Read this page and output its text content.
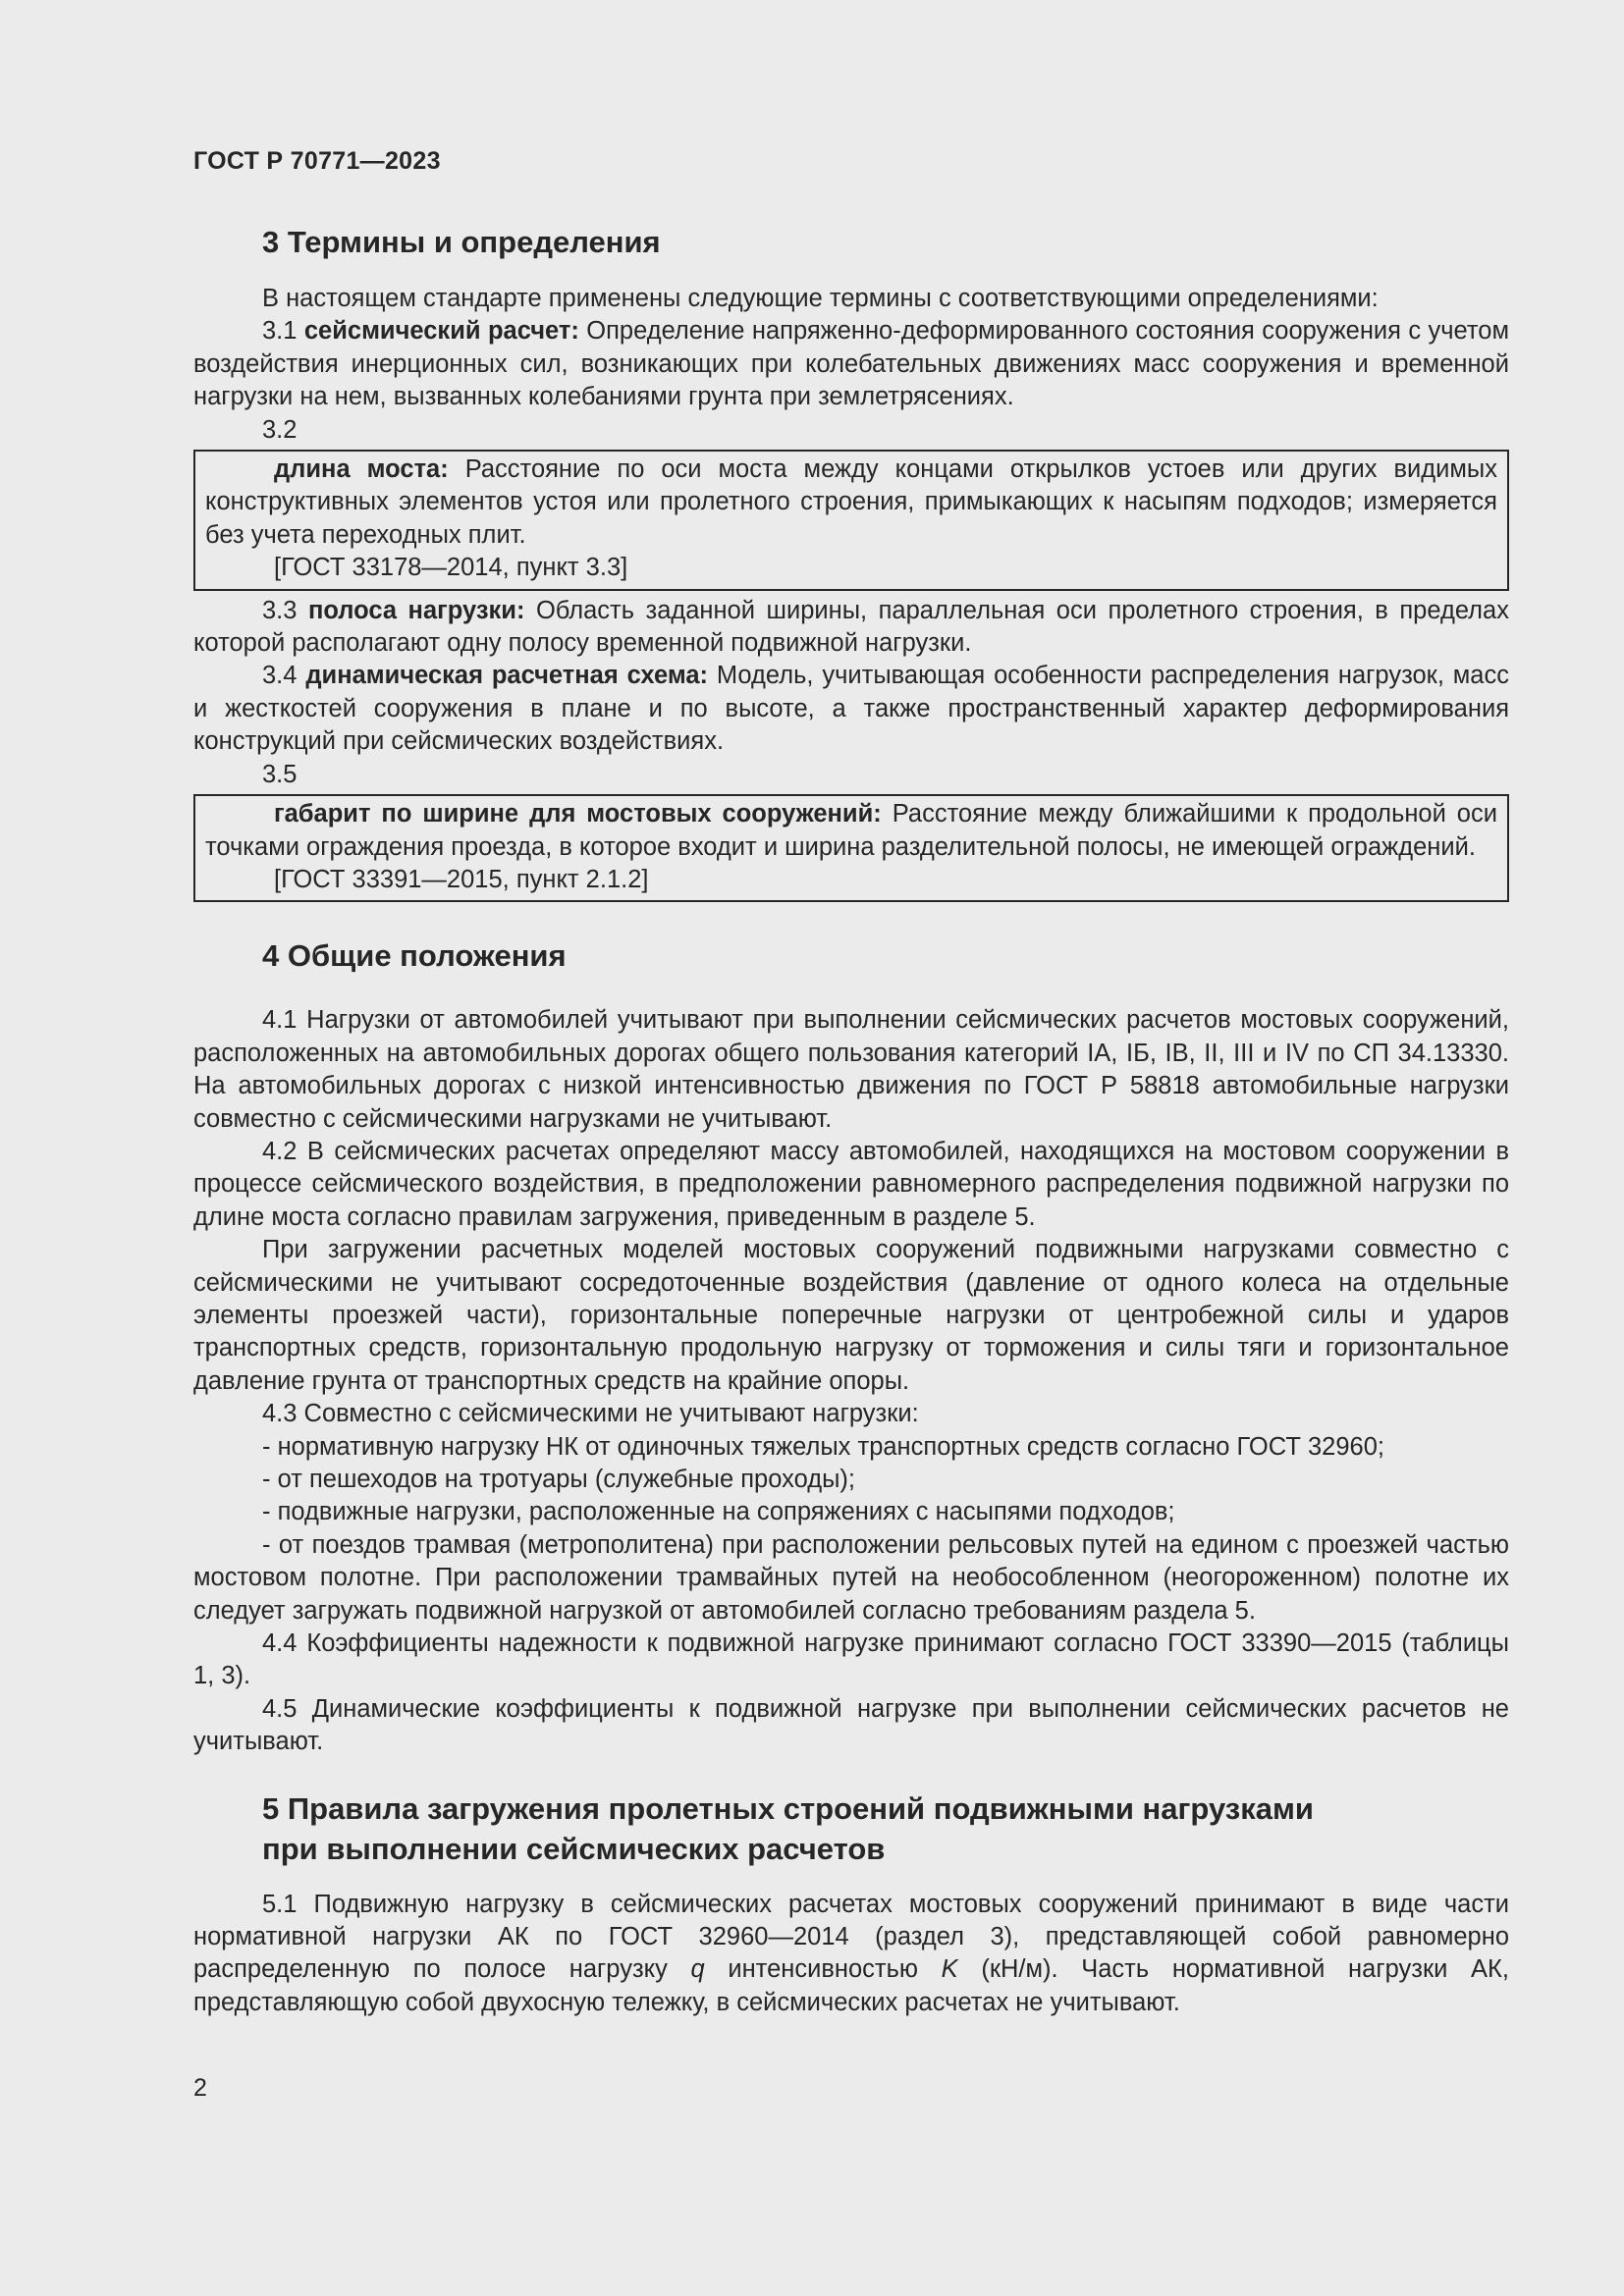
ГОСТ Р 70771—2023
3 Термины и определения

В настоящем стандарте применены следующие термины с соответствующими определениями:

3.1 сейсмический расчет: Определение напряженно-деформированного состояния сооружения с учетом воздействия инерционных сил, возникающих при колебательных движениях масс сооружения и временной нагрузки на нем, вызванных колебаниями грунта при землетрясениях.

3.2

длина моста: Расстояние по оси моста между концами открылков устоев или других видимых конструктивных элементов устоя или пролетного строения, примыкающих к насыпям подходов; измеряется без учета переходных плит.

[ГОСТ 33178—2014, пункт 3.3]

3.3 полоса нагрузки: Область заданной ширины, параллельная оси пролетного строения, в пределах которой располагают одну полосу временной подвижной нагрузки.

3.4 динамическая расчетная схема: Модель, учитывающая особенности распределения нагрузок, масс и жесткостей сооружения в плане и по высоте, а также пространственный характер деформирования конструкций при сейсмических воздействиях.

3.5

габарит по ширине для мостовых сооружений: Расстояние между ближайшими к продольной оси точками ограждения проезда, в которое входит и ширина разделительной полосы, не имеющей ограждений.

[ГОСТ 33391—2015, пункт 2.1.2]

4 Общие положения

4.1 Нагрузки от автомобилей учитывают при выполнении сейсмических расчетов мостовых сооружений, расположенных на автомобильных дорогах общего пользования категорий IA, IБ, IB, II, III и IV по СП 34.13330. На автомобильных дорогах с низкой интенсивностью движения по ГОСТ Р 58818 автомобильные нагрузки совместно с сейсмическими нагрузками не учитывают.

4.2 В сейсмических расчетах определяют массу автомобилей, находящихся на мостовом сооружении в процессе сейсмического воздействия, в предположении равномерного распределения подвижной нагрузки по длине моста согласно правилам загружения, приведенным в разделе 5.

При загружении расчетных моделей мостовых сооружений подвижными нагрузками совместно с сейсмическими не учитывают сосредоточенные воздействия (давление от одного колеса на отдельные элементы проезжей части), горизонтальные поперечные нагрузки от центробежной силы и ударов транспортных средств, горизонтальную продольную нагрузку от торможения и силы тяги и горизонтальное давление грунта от транспортных средств на крайние опоры.

4.3 Совместно с сейсмическими не учитывают нагрузки:

- нормативную нагрузку НК от одиночных тяжелых транспортных средств согласно ГОСТ 32960;

- от пешеходов на тротуары (служебные проходы);

- подвижные нагрузки, расположенные на сопряжениях с насыпями подходов;

- от поездов трамвая (метрополитена) при расположении рельсовых путей на едином с проезжей частью мостовом полотне. При расположении трамвайных путей на необособленном (неогороженном) полотне их следует загружать подвижной нагрузкой от автомобилей согласно требованиям раздела 5.

4.4 Коэффициенты надежности к подвижной нагрузке принимают согласно ГОСТ 33390—2015 (таблицы 1, 3).

4.5 Динамические коэффициенты к подвижной нагрузке при выполнении сейсмических расчетов не учитывают.

5 Правила загружения пролетных строений подвижными нагрузками
при выполнении сейсмических расчетов

5.1 Подвижную нагрузку в сейсмических расчетах мостовых сооружений принимают в виде части нормативной нагрузки АК по ГОСТ 32960—2014 (раздел 3), представляющей собой равномерно распределенную по полосе нагрузку q интенсивностью K (кН/м). Часть нормативной нагрузки АК, представляющую собой двухосную тележку, в сейсмических расчетах не учитывают.

2
